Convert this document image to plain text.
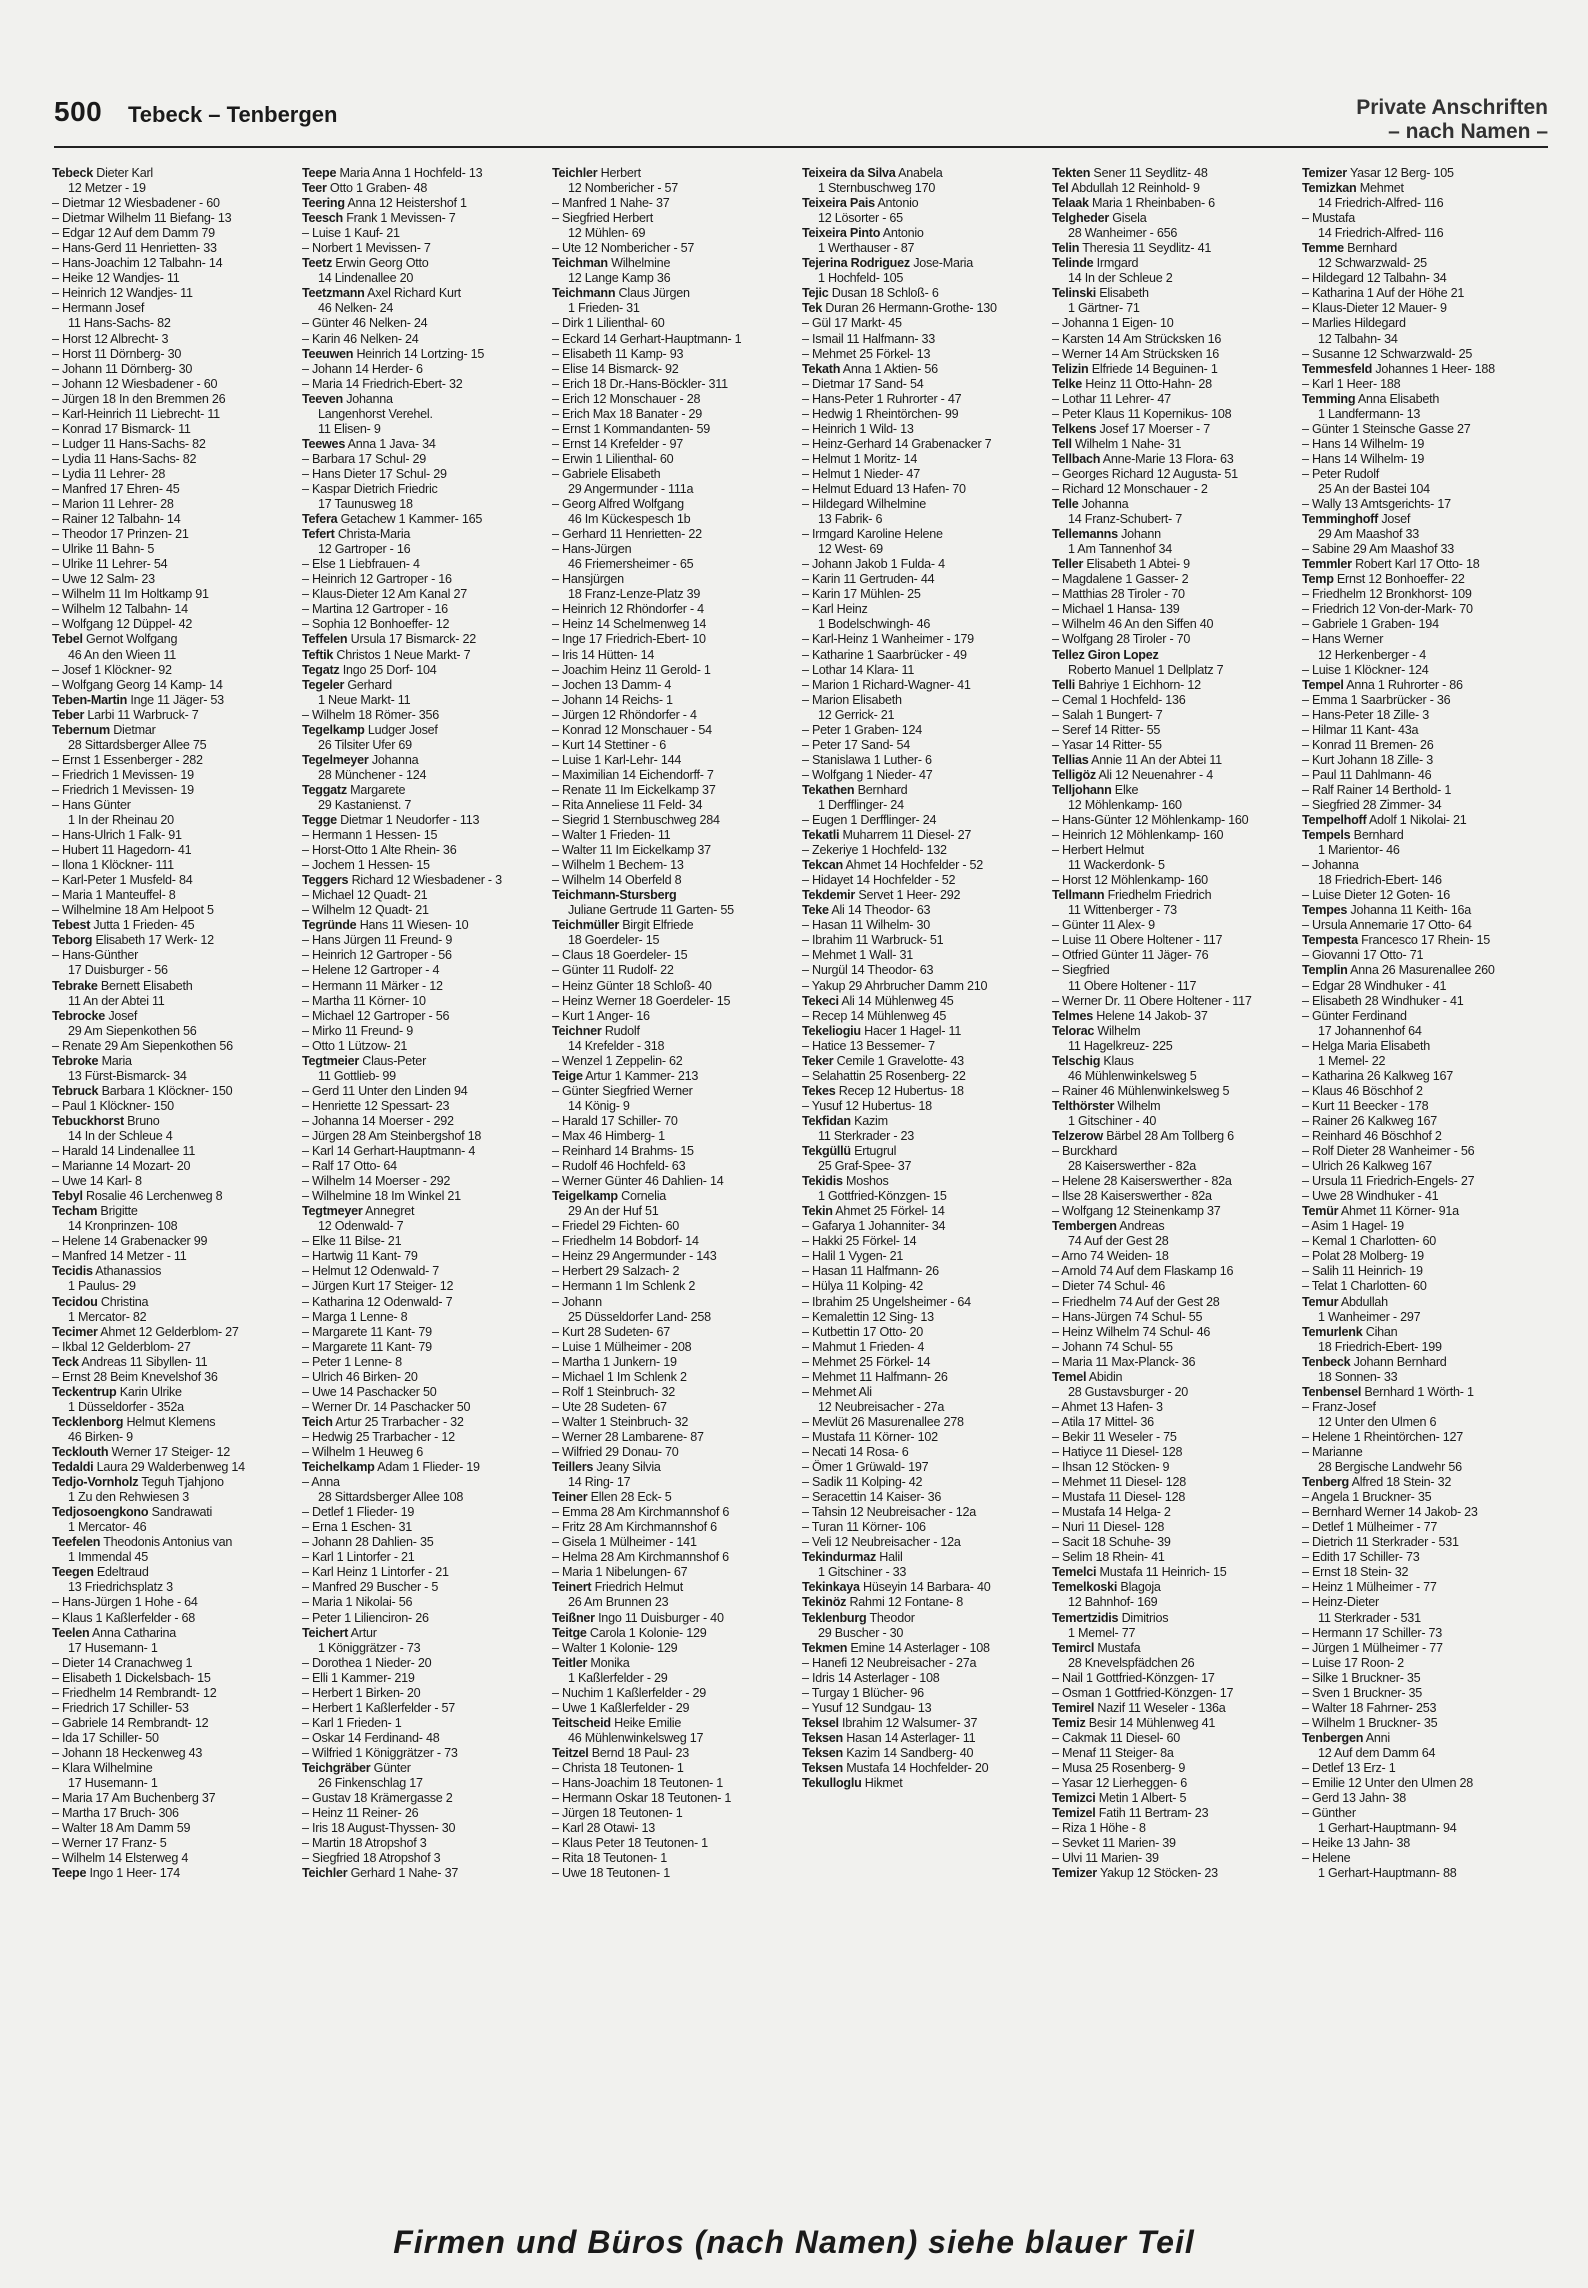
500 Tebeck – Tenbergen	Private Anschriften
– nach Namen –
Tebeck Dieter Karl
12 Metzer - 19
– Dietmar 12 Wiesbadener - 60
– Dietmar Wilhelm 11 Biefang- 13
– Edgar 12 Auf dem Damm 79
– Hans-Gerd 11 Henrietten- 33
– Hans-Joachim 12 Talbahn- 14
– Heike 12 Wandjes- 11
– Heinrich 12 Wandjes- 11
– Hermann Josef
11 Hans-Sachs- 82
– Horst 12 Albrecht- 3
– Horst 11 Dörnberg- 30
– Johann 11 Dörnberg- 30
– Johann 12 Wiesbadener - 60
– Jürgen 18 In den Bremmen 26
– Karl-Heinrich 11 Liebrecht- 11
– Konrad 17 Bismarck- 11
– Ludger 11 Hans-Sachs- 82
– Lydia 11 Hans-Sachs- 82
– Lydia 11 Lehrer- 28
– Manfred 17 Ehren- 45
– Marion 11 Lehrer- 28
– Rainer 12 Talbahn- 14
– Theodor 17 Prinzen- 21
– Ulrike 11 Bahn- 5
– Ulrike 11 Lehrer- 54
– Uwe 12 Salm- 23
– Wilhelm 11 Im Holtkamp 91
– Wilhelm 12 Talbahn- 14
– Wolfgang 12 Düppel- 42
Tebel Gernot Wolfgang
46 An den Wieen 11
– Josef 1 Klöckner- 92
– Wolfgang Georg 14 Kamp- 14
Teben-Martin Inge 11 Jäger- 53
Teber Larbi 11 Warbruck- 7
Tebernum Dietmar
28 Sittardsberger Allee 75
– Ernst 1 Essenberger - 282
– Friedrich 1 Mevissen- 19
– Friedrich 1 Mevissen- 19
– Hans Günter
1 In der Rheinau 20
– Hans-Ulrich 1 Falk- 91
– Hubert 11 Hagedorn- 41
– Ilona 1 Klöckner- 111
– Karl-Peter 1 Musfeld- 84
– Maria 1 Manteuffel- 8
– Wilhelmine 18 Am Helpoot 5
Tebest Jutta 1 Frieden- 45
Teborg Elisabeth 17 Werk- 12
– Hans-Günther
17 Duisburger - 56
Tebrake Bernett Elisabeth
11 An der Abtei 11
Tebrocke Josef
29 Am Siepenkothen 56
– Renate 29 Am Siepenkothen 56
Tebroke Maria
13 Fürst-Bismarck- 34
Tebruck Barbara 1 Klöckner- 150
– Paul 1 Klöckner- 150
Tebuckhorst Bruno
14 In der Schleue 4
– Harald 14 Lindenallee 11
– Marianne 14 Mozart- 20
– Uwe 14 Karl- 8
Tebyl Rosalie 46 Lerchenweg 8
Techam Brigitte
14 Kronprinzen- 108
– Helene 14 Grabenacker 99
– Manfred 14 Metzer - 11
Tecidis Athanassios
1 Paulus- 29
Tecidou Christina
1 Mercator- 82
Tecimer Ahmet 12 Gelderblom- 27
– Ikbal 12 Gelderblom- 27
Teck Andreas 11 Sibyllen- 11
– Ernst 28 Beim Knevelshof 36
Teckentrup Karin Ulrike
1 Düsseldorfer - 352a
Tecklenborg Helmut Klemens
46 Birken- 9
Tecklouth Werner 17 Steiger- 12
Tedaldi Laura 29 Walderbenweg 14
Tedjo-Vornholz Teguh Tjahjono
1 Zu den Rehwiesen 3
Tedjosoengkono Sandrawati
1 Mercator- 46
Teefelen Theodonis Antonius van
1 Immendal 45
Teegen Edeltraud
13 Friedrichsplatz 3
– Hans-Jürgen 1 Hohe - 64
– Klaus 1 Kaßlerfelder - 68
Teelen Anna Catharina
17 Husemann- 1
– Dieter 14 Cranachweg 1
– Elisabeth 1 Dickelsbach- 15
– Friedhelm 14 Rembrandt- 12
– Friedrich 17 Schiller- 53
– Gabriele 14 Rembrandt- 12
– Ida 17 Schiller- 50
– Johann 18 Heckenweg 43
– Klara Wilhelmine
17 Husemann- 1
– Maria 17 Am Buchenberg 37
– Martha 17 Bruch- 306
– Walter 18 Am Damm 59
– Werner 17 Franz- 5
– Wilhelm 14 Elsterweg 4
Teepe Ingo 1 Heer- 174
Teepe Maria Anna 1 Hochfeld- 13
Teer Otto 1 Graben- 48
Teering Anna 12 Heistershof 1
Teesch Frank 1 Mevissen- 7
– Luise 1 Kauf- 21
– Norbert 1 Mevissen- 7
Teetz Erwin Georg Otto
14 Lindenallee 20
Teetzmann Axel Richard Kurt
46 Nelken- 24
– Günter 46 Nelken- 24
– Karin 46 Nelken- 24
Teeuwen Heinrich 14 Lortzing- 15
– Johann 14 Herder- 6
– Maria 14 Friedrich-Ebert- 32
Teeven Johanna
Langenhorst Verehel.
11 Elisen- 9
Teewes Anna 1 Java- 34
– Barbara 17 Schul- 29
– Hans Dieter 17 Schul- 29
– Kaspar Dietrich Friedric
17 Taunusweg 18
Tefera Getachew 1 Kammer- 165
Tefert Christa-Maria
12 Gartroper - 16
– Else 1 Liebfrauen- 4
– Heinrich 12 Gartroper - 16
– Klaus-Dieter 12 Am Kanal 27
– Martina 12 Gartroper - 16
– Sophia 12 Bonhoeffer- 12
Teffelen Ursula 17 Bismarck- 22
Teftik Christos 1 Neue Markt- 7
Tegatz Ingo 25 Dorf- 104
Tegeler Gerhard
1 Neue Markt- 11
– Wilhelm 18 Römer- 356
Tegelkamp Ludger Josef
26 Tilsiter Ufer 69
Tegelmeyer Johanna
28 Münchener - 124
Teggatz Margarete
29 Kastanienst. 7
Tegge Dietmar 1 Neudorfer - 113
– Hermann 1 Hessen- 15
– Horst-Otto 1 Alte Rhein- 36
– Jochem 1 Hessen- 15
Teggers Richard 12 Wiesbadener - 3
– Michael 12 Quadt- 21
– Wilhelm 12 Quadt- 21
Tegründe Hans 11 Wiesen- 10
– Hans Jürgen 11 Freund- 9
– Heinrich 12 Gartroper - 56
– Helene 12 Gartroper - 4
– Hermann 11 Märker - 12
– Martha 11 Körner- 10
– Michael 12 Gartroper - 56
– Mirko 11 Freund- 9
– Otto 1 Lützow- 21
Tegtmeier Claus-Peter
11 Gottlieb- 99
– Gerd 11 Unter den Linden 94
– Henriette 12 Spessart- 23
– Johanna 14 Moerser - 292
– Jürgen 28 Am Steinbergshof 18
– Karl 14 Gerhart-Hauptmann- 4
– Ralf 17 Otto- 64
– Wilhelm 14 Moerser - 292
– Wilhelmine 18 Im Winkel 21
Tegtmeyer Annegret
12 Odenwald- 7
– Elke 11 Bilse- 21
– Hartwig 11 Kant- 79
– Helmut 12 Odenwald- 7
– Jürgen Kurt 17 Steiger- 12
– Katharina 12 Odenwald- 7
– Marga 1 Lenne- 8
– Margarete 11 Kant- 79
– Margarete 11 Kant- 79
– Peter 1 Lenne- 8
– Ulrich 46 Birken- 20
– Uwe 14 Paschacker 50
– Werner Dr. 14 Paschacker 50
Teich Artur 25 Trarbacher - 32
– Hedwig 25 Trarbacher - 12
– Wilhelm 1 Heuweg 6
Teichelkamp Adam 1 Flieder- 19
– Anna
28 Sittardsberger Allee 108
– Detlef 1 Flieder- 19
– Erna 1 Eschen- 31
– Johann 28 Dahlien- 35
– Karl 1 Lintorfer - 21
– Karl Heinz 1 Lintorfer - 21
– Manfred 29 Buscher - 5
– Maria 1 Nikolai- 56
– Peter 1 Lilienciron- 26
Teichert Artur
1 Königgrätzer - 73
– Dorothea 1 Nieder- 20
– Elli 1 Kammer- 219
– Herbert 1 Birken- 20
– Herbert 1 Kaßlerfelder - 57
– Karl 1 Frieden- 1
– Oskar 14 Ferdinand- 48
– Wilfried 1 Königgrätzer - 73
Teichgräber Günter
26 Finkenschlag 17
– Gustav 18 Krämergasse 2
– Heinz 11 Reiner- 26
– Iris 18 August-Thyssen- 30
– Martin 18 Atropshof 3
– Siegfried 18 Atropshof 3
Teichler Gerhard 1 Nahe- 37
Teichler Herbert
12 Nombericher - 57
– Manfred 1 Nahe- 37
– Siegfried Herbert
12 Mühlen- 69
– Ute 12 Nombericher - 57
Teichman Wilhelmine
12 Lange Kamp 36
Teichmann Claus Jürgen
1 Frieden- 31
– Dirk 1 Lilienthal- 60
– Eckard 14 Gerhart-Hauptmann- 1
– Elisabeth 11 Kamp- 93
– Elise 14 Bismarck- 92
– Erich 18 Dr.-Hans-Böckler- 311
– Erich 12 Monschauer - 28
– Erich Max 18 Banater - 29
– Ernst 1 Kommandanten- 59
– Ernst 14 Krefelder - 97
– Erwin 1 Lilienthal- 60
– Gabriele Elisabeth
29 Angermunder - 111a
– Georg Alfred Wolfgang
46 Im Kückespesch 1b
– Gerhard 11 Henrietten- 22
– Hans-Jürgen
46 Friemersheimer - 65
– Hansjürgen
18 Franz-Lenze-Platz 39
– Heinrich 12 Rhöndorfer - 4
– Heinz 14 Schelmenweg 14
– Inge 17 Friedrich-Ebert- 10
– Iris 14 Hütten- 14
– Joachim Heinz 11 Gerold- 1
– Jochen 13 Damm- 4
– Johann 14 Reichs- 1
– Jürgen 12 Rhöndorfer - 4
– Konrad 12 Monschauer - 54
– Kurt 14 Stettiner - 6
– Luise 1 Karl-Lehr- 144
– Maximilian 14 Eichendorff- 7
– Renate 11 Im Eickelkamp 37
– Rita Anneliese 11 Feld- 34
– Siegrid 1 Sternbuschweg 284
– Walter 1 Frieden- 11
– Walter 11 Im Eickelkamp 37
– Wilhelm 1 Bechem- 13
– Wilhelm 14 Oberfeld 8
Teichmann-Stursberg
Juliane Gertrude 11 Garten- 55
Teichmüller Birgit Elfriede
18 Goerdeler- 15
– Claus 18 Goerdeler- 15
– Günter 11 Rudolf- 22
– Heinz Günter 18 Schloß- 40
– Heinz Werner 18 Goerdeler- 15
– Kurt 1 Anger- 16
Teichner Rudolf
14 Krefelder - 318
– Wenzel 1 Zeppelin- 62
Teige Artur 1 Kammer- 213
– Günter Siegfried Werner
14 König- 9
– Harald 17 Schiller- 70
– Max 46 Himberg- 1
– Reinhard 14 Brahms- 15
– Rudolf 46 Hochfeld- 63
– Werner Günter 46 Dahlien- 14
Teigelkamp Cornelia
29 An der Huf 51
– Friedel 29 Fichten- 60
– Friedhelm 14 Bobdorf- 14
– Heinz 29 Angermunder - 143
– Herbert 29 Salzach- 2
– Hermann 1 Im Schlenk 2
– Johann
25 Düsseldorfer Land- 258
– Kurt 28 Sudeten- 67
– Luise 1 Mülheimer - 208
– Martha 1 Junkern- 19
– Michael 1 Im Schlenk 2
– Rolf 1 Steinbruch- 32
– Ute 28 Sudeten- 67
– Walter 1 Steinbruch- 32
– Werner 28 Lambarene- 87
– Wilfried 29 Donau- 70
Teillers Jeany Silvia
14 Ring- 17
Teiner Ellen 28 Eck- 5
– Emma 28 Am Kirchmannshof 6
– Fritz 28 Am Kirchmannshof 6
– Gisela 1 Mülheimer - 141
– Helma 28 Am Kirchmannshof 6
– Maria 1 Nibelungen- 67
Teinert Friedrich Helmut
26 Am Brunnen 23
Teißner Ingo 11 Duisburger - 40
Teitge Carola 1 Kolonie- 129
– Walter 1 Kolonie- 129
Teitler Monika
1 Kaßlerfelder - 29
– Nuchim 1 Kaßlerfelder - 29
– Uwe 1 Kaßlerfelder - 29
Teitscheid Heike Emilie
46 Mühlenwinkelsweg 17
Teitzel Bernd 18 Paul- 23
– Christa 18 Teutonen- 1
– Hans-Joachim 18 Teutonen- 1
– Hermann Oskar 18 Teutonen- 1
– Jürgen 18 Teutonen- 1
– Karl 28 Otawi- 13
– Klaus Peter 18 Teutonen- 1
– Rita 18 Teutonen- 1
– Uwe 18 Teutonen- 1
Teixeira da Silva Anabela
1 Sternbuschweg 170
Teixeira Pais Antonio
12 Lösorter - 65
Teixeira Pinto Antonio
1 Werthauser - 87
Tejerina Rodriguez Jose-Maria
1 Hochfeld- 105
Tejic Dusan 18 Schloß- 6
Tek Duran 26 Hermann-Grothe- 130
– Gül 17 Markt- 45
– Ismail 11 Halfmann- 33
– Mehmet 25 Förkel- 13
Tekath Anna 1 Aktien- 56
– Dietmar 17 Sand- 54
– Hans-Peter 1 Ruhrorter - 47
– Hedwig 1 Rheintörchen- 99
– Heinrich 1 Wild- 13
– Heinz-Gerhard 14 Grabenacker 7
– Helmut 1 Moritz- 14
– Helmut 1 Nieder- 47
– Helmut Eduard 13 Hafen- 70
– Hildegard Wilhelmine
13 Fabrik- 6
– Irmgard Karoline Helene
12 West- 69
– Johann Jakob 1 Fulda- 4
– Karin 11 Gertruden- 44
– Karin 17 Mühlen- 25
– Karl Heinz
1 Bodelschwingh- 46
– Karl-Heinz 1 Wanheimer - 179
– Katharine 1 Saarbrücker - 49
– Lothar 14 Klara- 11
– Marion 1 Richard-Wagner- 41
– Marion Elisabeth
12 Gerrick- 21
– Peter 1 Graben- 124
– Peter 17 Sand- 54
– Stanislawa 1 Luther- 6
– Wolfgang 1 Nieder- 47
Tekathen Bernhard
1 Derfflinger- 24
– Eugen 1 Derfflinger- 24
Tekatli Muharrem 11 Diesel- 27
– Zekeriye 1 Hochfeld- 132
Tekcan Ahmet 14 Hochfelder - 52
– Hidayet 14 Hochfelder - 52
Tekdemir Servet 1 Heer- 292
Teke Ali 14 Theodor- 63
– Hasan 11 Wilhelm- 30
– Ibrahim 11 Warbruck- 51
– Mehmet 1 Wall- 31
– Nurgül 14 Theodor- 63
– Yakup 29 Ahrbrucher Damm 210
Tekeci Ali 14 Mühlenweg 45
– Recep 14 Mühlenweg 45
Tekeliogiu Hacer 1 Hagel- 11
– Hatice 13 Bessemer- 7
Teker Cemile 1 Gravelotte- 43
– Selahattin 25 Rosenberg- 22
Tekes Recep 12 Hubertus- 18
– Yusuf 12 Hubertus- 18
Tekfidan Kazim
11 Sterkrader - 23
Tekgüllü Ertugrul
25 Graf-Spee- 37
Tekidis Moshos
1 Gottfried-Könzgen- 15
Tekin Ahmet 25 Förkel- 14
– Gafarya 1 Johanniter- 34
– Hakki 25 Förkel- 14
– Halil 1 Vygen- 21
– Hasan 11 Halfmann- 26
– Hülya 11 Kolping- 42
– Ibrahim 25 Ungelsheimer - 64
– Kemalettin 12 Sing- 13
– Kutbettin 17 Otto- 20
– Mahmut 1 Frieden- 4
– Mehmet 25 Förkel- 14
– Mehmet 11 Halfmann- 26
– Mehmet Ali
12 Neubreisacher - 27a
– Mevlüt 26 Masurenallee 278
– Mustafa 11 Körner- 102
– Necati 14 Rosa- 6
– Ömer 1 Grüwald- 197
– Sadik 11 Kolping- 42
– Seracettin 14 Kaiser- 36
– Tahsin 12 Neubreisacher - 12a
– Turan 11 Körner- 106
– Veli 12 Neubreisacher - 12a
Tekindurmaz Halil
1 Gitschiner - 33
Tekinkaya Hüseyin 14 Barbara- 40
Tekinöz Rahmi 12 Fontane- 8
Teklenburg Theodor
29 Buscher - 30
Tekmen Emine 14 Asterlager - 108
– Hanefi 12 Neubreisacher - 27a
– Idris 14 Asterlager - 108
– Turgay 1 Blücher- 96
– Yusuf 12 Sundgau- 13
Teksel Ibrahim 12 Walsumer- 37
Teksen Hasan 14 Asterlager- 11
Teksen Kazim 14 Sandberg- 40
Teksen Mustafa 14 Hochfelder- 20
Tekulloglu Hikmet
Tekten Sener 11 Seydlitz- 48
Tel Abdullah 12 Reinhold- 9
Telaak Maria 1 Rheinbaben- 6
Telgheder Gisela
28 Wanheimer - 656
Telin Theresia 11 Seydlitz- 41
Telinde Irmgard
14 In der Schleue 2
Telinski Elisabeth
1 Gärtner- 71
– Johanna 1 Eigen- 10
– Karsten 14 Am Strücksken 16
– Werner 14 Am Strücksken 16
Telizin Elfriede 14 Beguinen- 1
Telke Heinz 11 Otto-Hahn- 28
– Lothar 11 Lehrer- 47
– Peter Klaus 11 Kopernikus- 108
Telkens Josef 17 Moerser - 7
Tell Wilhelm 1 Nahe- 31
Tellbach Anne-Marie 13 Flora- 63
– Georges Richard 12 Augusta- 51
– Richard 12 Monschauer - 2
Telle Johanna
14 Franz-Schubert- 7
Tellemanns Johann
1 Am Tannenhof 34
Teller Elisabeth 1 Abtei- 9
– Magdalene 1 Gasser- 2
– Matthias 28 Tiroler - 70
– Michael 1 Hansa- 139
– Wilhelm 46 An den Siffen 40
– Wolfgang 28 Tiroler - 70
Tellez Giron Lopez
Roberto Manuel 1 Dellplatz 7
Telli Bahriye 1 Eichhorn- 12
– Cemal 1 Hochfeld- 136
– Salah 1 Bungert- 7
– Seref 14 Ritter- 55
– Yasar 14 Ritter- 55
Tellias Annie 11 An der Abtei 11
Telligöz Ali 12 Neuenahrer - 4
Telljohann Elke
12 Möhlenkamp- 160
– Hans-Günter 12 Möhlenkamp- 160
– Heinrich 12 Möhlenkamp- 160
– Herbert Helmut
11 Wackerdonk- 5
– Horst 12 Möhlenkamp- 160
Tellmann Friedhelm Friedrich
11 Wittenberger - 73
– Günter 11 Alex- 9
– Luise 11 Obere Holtener - 117
– Otfried Günter 11 Jäger- 76
– Siegfried
11 Obere Holtener - 117
– Werner Dr. 11 Obere Holtener - 117
Telmes Helene 14 Jakob- 37
Telorac Wilhelm
11 Hagelkreuz- 225
Telschig Klaus
46 Mühlenwinkelsweg 5
– Rainer 46 Mühlenwinkelsweg 5
Telthörster Wilhelm
1 Gitschiner - 40
Telzerow Bärbel 28 Am Tollberg 6
– Burckhard
28 Kaiserswerther - 82a
– Helene 28 Kaiserswerther - 82a
– Ilse 28 Kaiserswerther - 82a
– Wolfgang 12 Steinenkamp 37
Tembergen Andreas
74 Auf der Gest 28
– Arno 74 Weiden- 18
– Arnold 74 Auf dem Flaskamp 16
– Dieter 74 Schul- 46
– Friedhelm 74 Auf der Gest 28
– Hans-Jürgen 74 Schul- 55
– Heinz Wilhelm 74 Schul- 46
– Johann 74 Schul- 55
– Maria 11 Max-Planck- 36
Temel Abidin
28 Gustavsburger - 20
– Ahmet 13 Hafen- 3
– Atila 17 Mittel- 36
– Bekir 11 Weseler - 75
– Hatiyce 11 Diesel- 128
– Ihsan 12 Stöcken- 9
– Mehmet 11 Diesel- 128
– Mustafa 11 Diesel- 128
– Mustafa 14 Helga- 2
– Nuri 11 Diesel- 128
– Sacit 18 Schuhe- 39
– Selim 18 Rhein- 41
Temelci Mustafa 11 Heinrich- 15
Temelkoski Blagoja
12 Bahnhof- 169
Temertzidis Dimitrios
1 Memel- 77
Temircl Mustafa
28 Knevelspfädchen 26
– Nail 1 Gottfried-Könzgen- 17
– Osman 1 Gottfried-Könzgen- 17
Temirel Nazif 11 Weseler - 136a
Temiz Besir 14 Mühlenweg 41
– Cakmak 11 Diesel- 60
– Menaf 11 Steiger- 8a
– Musa 25 Rosenberg- 9
– Yasar 12 Lierheggen- 6
Temizci Metin 1 Albert- 5
Temizel Fatih 11 Bertram- 23
– Riza 1 Höhe - 8
– Sevket 11 Marien- 39
– Ulvi 11 Marien- 39
Temizer Yakup 12 Stöcken- 23
Temizer Yasar 12 Berg- 105
Temizkan Mehmet
14 Friedrich-Alfred- 116
– Mustafa
14 Friedrich-Alfred- 116
Temme Bernhard
12 Schwarzwald- 25
– Hildegard 12 Talbahn- 34
– Katharina 1 Auf der Höhe 21
– Klaus-Dieter 12 Mauer- 9
– Marlies Hildegard
12 Talbahn- 34
– Susanne 12 Schwarzwald- 25
Temmesfeld Johannes 1 Heer- 188
– Karl 1 Heer- 188
Temming Anna Elisabeth
1 Landfermann- 13
– Günter 1 Steinsche Gasse 27
– Hans 14 Wilhelm- 19
– Hans 14 Wilhelm- 19
– Peter Rudolf
25 An der Bastei 104
– Wally 13 Amtsgerichts- 17
Temminghoff Josef
29 Am Maashof 33
– Sabine 29 Am Maashof 33
Temmler Robert Karl 17 Otto- 18
Temp Ernst 12 Bonhoeffer- 22
– Friedhelm 12 Bronkhorst- 109
– Friedrich 12 Von-der-Mark- 70
– Gabriele 1 Graben- 194
– Hans Werner
12 Herkenberger - 4
– Luise 1 Klöckner- 124
Tempel Anna 1 Ruhrorter - 86
– Emma 1 Saarbrücker - 36
– Hans-Peter 18 Zille- 3
– Hilmar 11 Kant- 43a
– Konrad 11 Bremen- 26
– Kurt Johann 18 Zille- 3
– Paul 11 Dahlmann- 46
– Ralf Rainer 14 Berthold- 1
– Siegfried 28 Zimmer- 34
Tempelhoff Adolf 1 Nikolai- 21
Tempels Bernhard
1 Marientor- 46
– Johanna
18 Friedrich-Ebert- 146
– Luise Dieter 12 Goten- 16
Tempes Johanna 11 Keith- 16a
– Ursula Annemarie 17 Otto- 64
Tempesta Francesco 17 Rhein- 15
– Giovanni 17 Otto- 71
Templin Anna 26 Masurenallee 260
– Edgar 28 Windhuker - 41
– Elisabeth 28 Windhuker - 41
– Günter Ferdinand
17 Johannenhof 64
– Helga Maria Elisabeth
1 Memel- 22
– Katharina 26 Kalkweg 167
– Klaus 46 Böschhof 2
– Kurt 11 Beecker - 178
– Rainer 26 Kalkweg 167
– Reinhard 46 Böschhof 2
– Rolf Dieter 28 Wanheimer - 56
– Ulrich 26 Kalkweg 167
– Ursula 11 Friedrich-Engels- 27
– Uwe 28 Windhuker - 41
Temür Ahmet 11 Körner- 91a
– Asim 1 Hagel- 19
– Kemal 1 Charlotten- 60
– Polat 28 Molberg- 19
– Salih 11 Heinrich- 19
– Telat 1 Charlotten- 60
Temur Abdullah
1 Wanheimer - 297
Temurlenk Cihan
18 Friedrich-Ebert- 199
Tenbeck Johann Bernhard
18 Sonnen- 33
Tenbensel Bernhard 1 Wörth- 1
– Franz-Josef
12 Unter den Ulmen 6
– Helene 1 Rheintörchen- 127
– Marianne
28 Bergische Landwehr 56
Tenberg Alfred 18 Stein- 32
– Angela 1 Bruckner- 35
– Bernhard Werner 14 Jakob- 23
– Detlef 1 Mülheimer - 77
– Dietrich 11 Sterkrader - 531
– Edith 17 Schiller- 73
– Ernst 18 Stein- 32
– Heinz 1 Mülheimer - 77
– Heinz-Dieter
11 Sterkrader - 531
– Hermann 17 Schiller- 73
– Jürgen 1 Mülheimer - 77
– Luise 17 Roon- 2
– Silke 1 Bruckner- 35
– Sven 1 Bruckner- 35
– Walter 18 Fahrner- 253
– Wilhelm 1 Bruckner- 35
Tenbergen Anni
12 Auf dem Damm 64
– Detlef 13 Erz- 1
– Emilie 12 Unter den Ulmen 28
– Gerd 13 Jahn- 38
– Günther
1 Gerhart-Hauptmann- 94
– Heike 13 Jahn- 38
– Helene
1 Gerhart-Hauptmann- 88
Firmen und Büros (nach Namen) siehe blauer Teil
